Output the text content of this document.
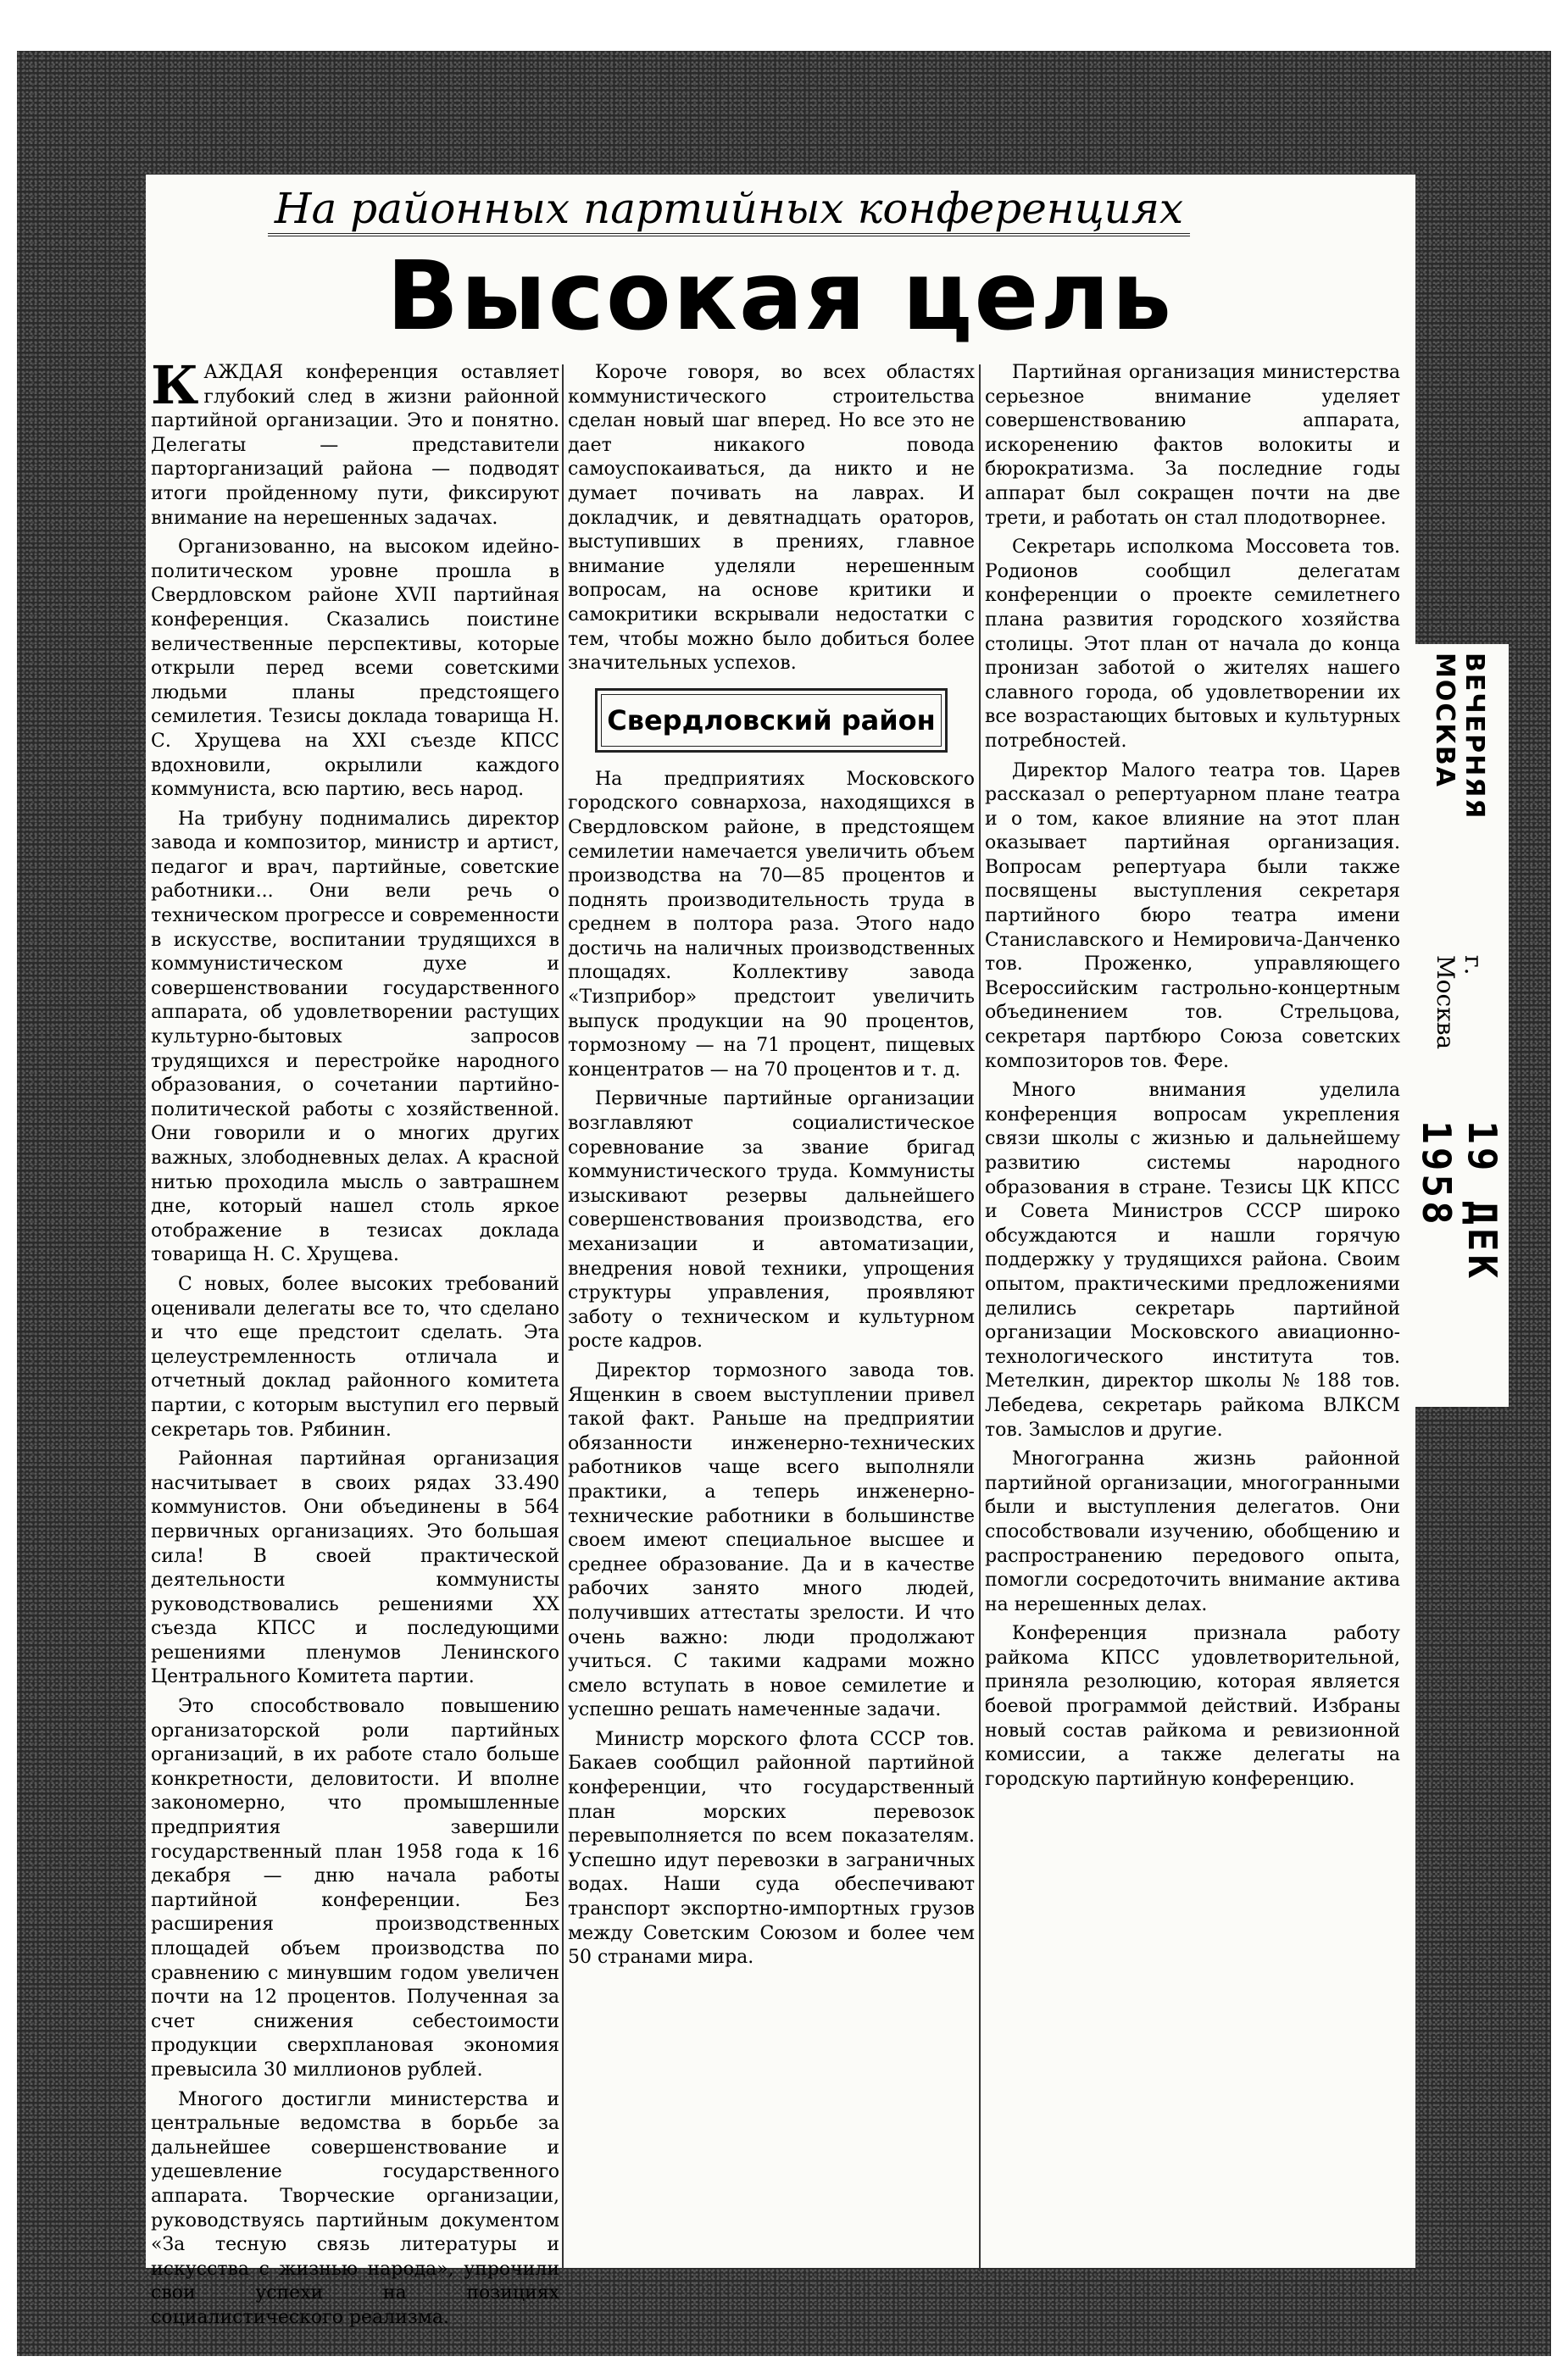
На районных партийных конференциях
Высокая цель

КАЖДАЯ конференция оставляет глубокий след в жизни районной партийной организации. Это и понятно. Делегаты — представители парторганизаций района — подводят итоги пройденному пути, фиксируют внимание на нерешенных задачах.

Организованно, на высоком идейно-политическом уровне прошла в Свердловском районе XVII партийная конференция. Сказались поистине величественные перспективы, которые открыли перед всеми советскими людьми планы предстоящего семилетия. Тезисы доклада товарища Н. С. Хрущева на XXI съезде КПСС вдохновили, окрылили каждого коммуниста, всю партию, весь народ.

На трибуну поднимались директор завода и композитор, министр и артист, педагог и врач, партийные, советские работники... Они вели речь о техническом прогрессе и современности в искусстве, воспитании трудящихся в коммунистическом духе и совершенствовании государственного аппарата, об удовлетворении растущих культурно-бытовых запросов трудящихся и перестройке народного образования, о сочетании партийно-политической работы с хозяйственной. Они говорили и о многих других важных, злободневных делах. А красной нитью проходила мысль о завтрашнем дне, который нашел столь яркое отображение в тезисах доклада товарища Н. С. Хрущева.

С новых, более высоких требований оценивали делегаты все то, что сделано и что еще предстоит сделать. Эта целеустремленность отличала и отчетный доклад районного комитета партии, с которым выступил его первый секретарь тов. Рябинин.

Районная партийная организация насчитывает в своих рядах 33.490 коммунистов. Они объединены в 564 первичных организациях. Это большая сила! В своей практической деятельности коммунисты руководствовались решениями XX съезда КПСС и последующими решениями пленумов Ленинского Центрального Комитета партии.

Это способствовало повышению организаторской роли партийных организаций, в их работе стало больше конкретности, деловитости. И вполне закономерно, что промышленные предприятия завершили государственный план 1958 года к 16 декабря — дню начала работы партийной конференции. Без расширения производственных площадей объем производства по сравнению с минувшим годом увеличен почти на 12 процентов. Полученная за счет снижения себестоимости продукции сверхплановая экономия превысила 30 миллионов рублей.

Многого достигли министерства и центральные ведомства в борьбе за дальнейшее совершенствование и удешевление государственного аппарата. Творческие организации, руководствуясь партийным документом «За тесную связь литературы и искусства с жизнью народа», упрочили свои успехи на позициях социалистического реализма.

Короче говоря, во всех областях коммунистического строительства сделан новый шаг вперед. Но все это не дает никакого повода самоуспокаиваться, да никто и не думает почивать на лаврах. И докладчик, и девятнадцать ораторов, выступивших в прениях, главное внимание уделяли нерешенным вопросам, на основе критики и самокритики вскрывали недостатки с тем, чтобы можно было добиться более значительных успехов.

Свердловский район

На предприятиях Московского городского совнархоза, находящихся в Свердловском районе, в предстоящем семилетии намечается увеличить объем производства на 70—85 процентов и поднять производительность труда в среднем в полтора раза. Этого надо достичь на наличных производственных площадях. Коллективу завода «Тизприбор» предстоит увеличить выпуск продукции на 90 процентов, тормозному — на 71 процент, пищевых концентратов — на 70 процентов и т. д.

Первичные партийные организации возглавляют социалистическое соревнование за звание бригад коммунистического труда. Коммунисты изыскивают резервы дальнейшего совершенствования производства, его механизации и автоматизации, внедрения новой техники, упрощения структуры управления, проявляют заботу о техническом и культурном росте кадров.

Директор тормозного завода тов. Ященкин в своем выступлении привел такой факт. Раньше на предприятии обязанности инженерно-технических работников чаще всего выполняли практики, а теперь инженерно-технические работники в большинстве своем имеют специальное высшее и среднее образование. Да и в качестве рабочих занято много людей, получивших аттестаты зрелости. И что очень важно: люди продолжают учиться. С такими кадрами можно смело вступать в новое семилетие и успешно решать намеченные задачи.

Министр морского флота СССР тов. Бакаев сообщил районной партийной конференции, что государственный план морских перевозок перевыполняется по всем показателям. Успешно идут перевозки в заграничных водах. Наши суда обеспечивают транспорт экспортно-импортных грузов между Советским Союзом и более чем 50 странами мира.

Партийная организация министерства серьезное внимание уделяет совершенствованию аппарата, искоренению фактов волокиты и бюрократизма. За последние годы аппарат был сокращен почти на две трети, и работать он стал плодотворнее.

Секретарь исполкома Моссовета тов. Родионов сообщил делегатам конференции о проекте семилетнего плана развития городского хозяйства столицы. Этот план от начала до конца пронизан заботой о жителях нашего славного города, об удовлетворении их все возрастающих бытовых и культурных потребностей.

Директор Малого театра тов. Царев рассказал о репертуарном плане театра и о том, какое влияние на этот план оказывает партийная организация. Вопросам репертуара были также посвящены выступления секретаря партийного бюро театра имени Станиславского и Немировича-Данченко тов. Проженко, управляющего Всероссийским гастрольно-концертным объединением тов. Стрельцова, секретаря партбюро Союза советских композиторов тов. Фере.

Много внимания уделила конференция вопросам укрепления связи школы с жизнью и дальнейшему развитию системы народного образования в стране. Тезисы ЦК КПСС и Совета Министров СССР широко обсуждаются и нашли горячую поддержку у трудящихся района. Своим опытом, практическими предложениями делились секретарь партийной организации Московского авиационно-технологического института тов. Метелкин, директор школы № 188 тов. Лебедева, секретарь райкома ВЛКСМ тов. Замыслов и другие.

Многогранна жизнь районной партийной организации, многогранными были и выступления делегатов. Они способствовали изучению, обобщению и распространению передового опыта, помогли сосредоточить внимание актива на нерешенных делах.

Конференция признала работу райкома КПСС удовлетворительной, приняла резолюцию, которая является боевой программой действий. Избраны новый состав райкома и ревизионной комиссии, а также делегаты на городскую партийную конференцию.

ВЕЧЕРНЯЯ МОСКВА
г. Москва
19 ДЕК 1958
